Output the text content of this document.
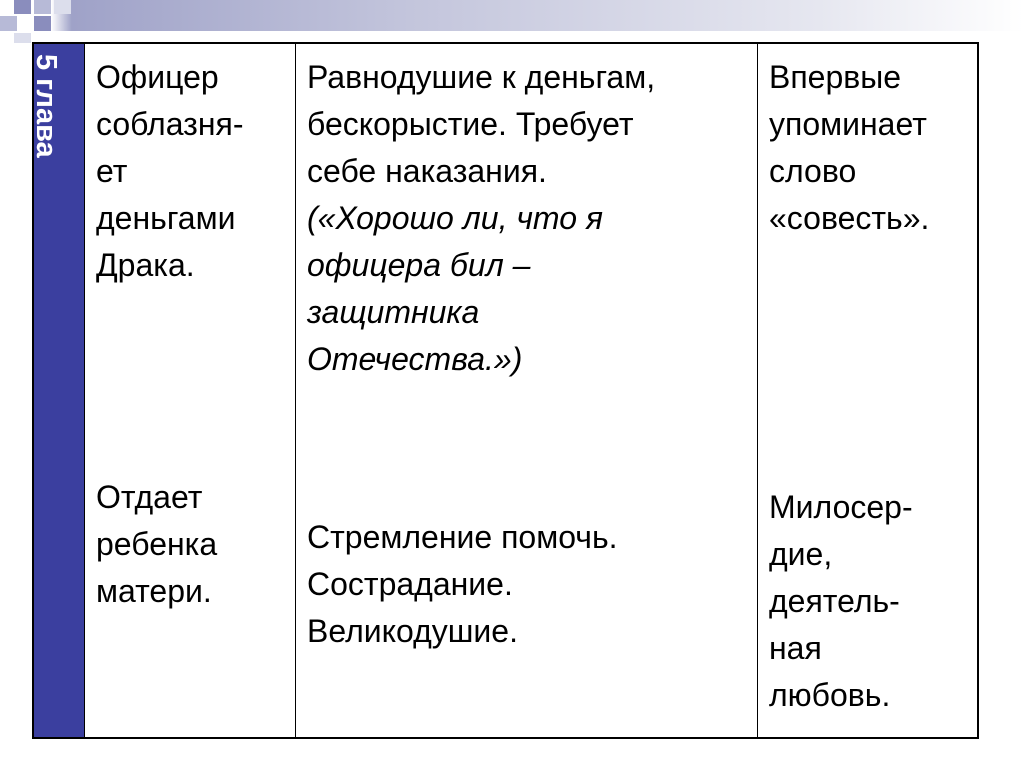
5 глава Офицер
соблазня-
ет
деньгами
Драка.

Отдает
ребенка
матери.

Равнодушие к деньгам,
бескорыстие. Требует
себе наказания.

(«Хорошо ли, что я
офицера бил –
защитника
Отечества.»)

Стремление помочь.
Сострадание.
Великодушие.

Впервые
упоминает
слово
«совесть».

Милосер-
дие,
деятель-
ная
любовь.
